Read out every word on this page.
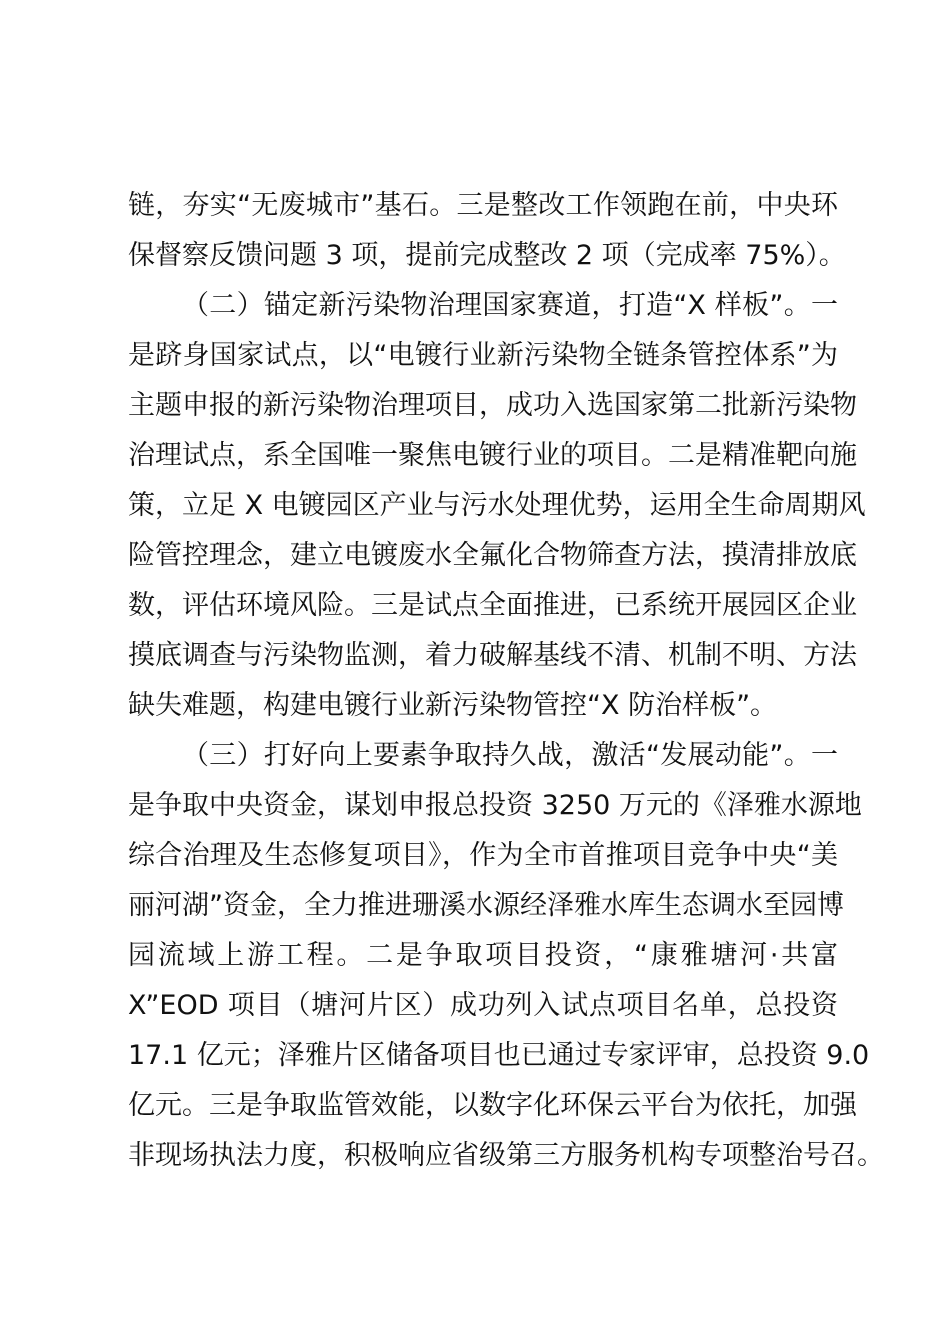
链，夯实“无废城市”基石。三是整改工作领跑在前，中央环
保督察反馈问题 3 项，提前完成整改 2 项（完成率 75%）。
（二）锚定新污染物治理国家赛道，打造“X 样板”。一
是跻身国家试点，以“电镀行业新污染物全链条管控体系”为
主题申报的新污染物治理项目，成功入选国家第二批新污染物
治理试点，系全国唯一聚焦电镀行业的项目。二是精准靶向施
策，立足 X 电镀园区产业与污水处理优势，运用全生命周期风
险管控理念，建立电镀废水全氟化合物筛查方法，摸清排放底
数，评估环境风险。三是试点全面推进，已系统开展园区企业
摸底调查与污染物监测，着力破解基线不清、机制不明、方法
缺失难题，构建电镀行业新污染物管控“X 防治样板”。
（三）打好向上要素争取持久战，激活“发展动能”。一
是争取中央资金，谋划申报总投资 3250 万元的《泽雅水源地
综合治理及生态修复项目》，作为全市首推项目竞争中央“美
丽河湖”资金，全力推进珊溪水源经泽雅水库生态调水至园博
园流域上游工程。二是争取项目投资，“康雅塘河·共富
X”EOD 项目（塘河片区）成功列入试点项目名单，总投资
17.1 亿元；泽雅片区储备项目也已通过专家评审，总投资 9.0
亿元。三是争取监管效能，以数字化环保云平台为依托，加强
非现场执法力度，积极响应省级第三方服务机构专项整治号召。
